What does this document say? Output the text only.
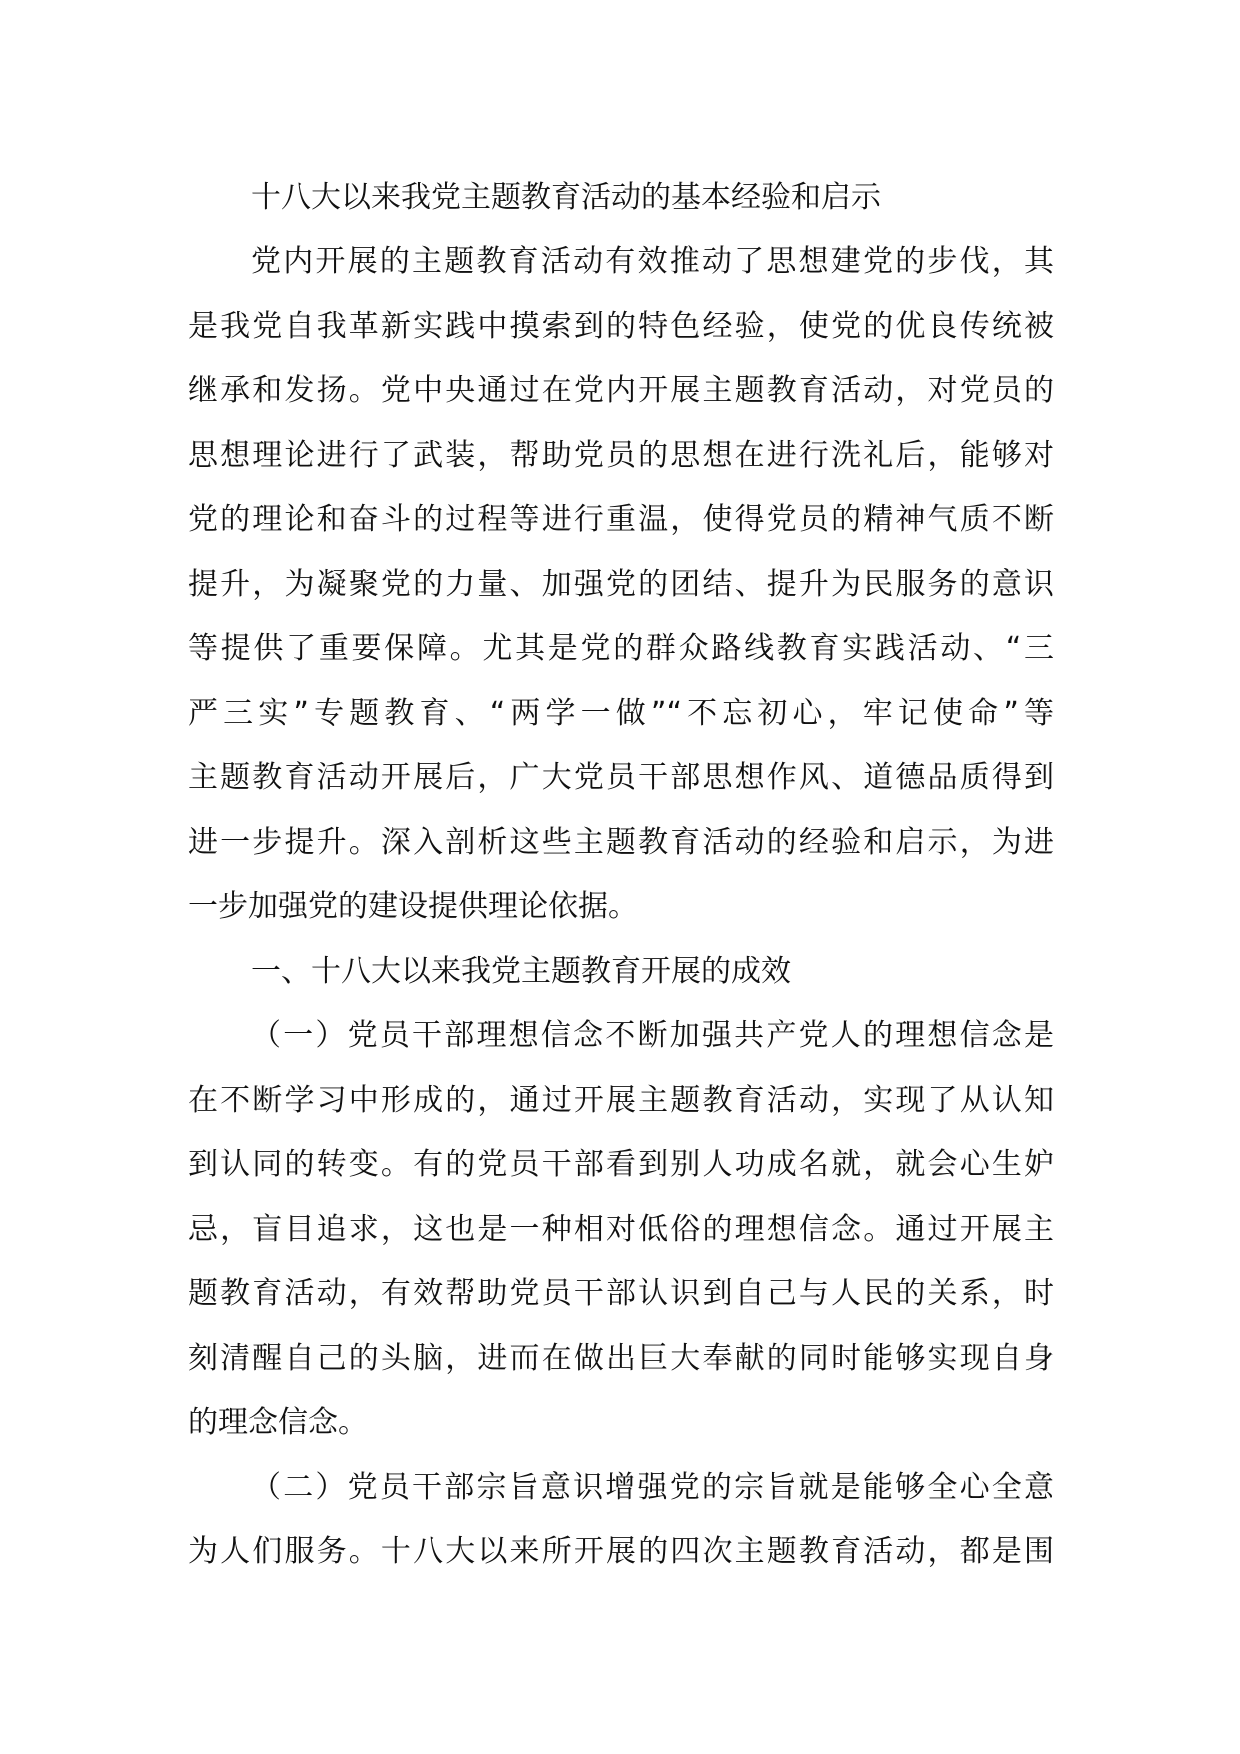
十八大以来我党主题教育活动的基本经验和启示
党内开展的主题教育活动有效推动了思想建党的步伐，其
是我党自我革新实践中摸索到的特色经验，使党的优良传统被
继承和发扬。党中央通过在党内开展主题教育活动，对党员的
思想理论进行了武装，帮助党员的思想在进行洗礼后，能够对
党的理论和奋斗的过程等进行重温，使得党员的精神气质不断
提升，为凝聚党的力量、加强党的团结、提升为民服务的意识
等提供了重要保障。尤其是党的群众路线教育实践活动、“三
严三实”专题教育、“两学一做”“不忘初心，牢记使命”等
主题教育活动开展后，广大党员干部思想作风、道德品质得到
进一步提升。深入剖析这些主题教育活动的经验和启示，为进
一步加强党的建设提供理论依据。
一、十八大以来我党主题教育开展的成效
（一）党员干部理想信念不断加强共产党人的理想信念是
在不断学习中形成的，通过开展主题教育活动，实现了从认知
到认同的转变。有的党员干部看到别人功成名就，就会心生妒
忌，盲目追求，这也是一种相对低俗的理想信念。通过开展主
题教育活动，有效帮助党员干部认识到自己与人民的关系，时
刻清醒自己的头脑，进而在做出巨大奉献的同时能够实现自身
的理念信念。
（二）党员干部宗旨意识增强党的宗旨就是能够全心全意
为人们服务。十八大以来所开展的四次主题教育活动，都是围
